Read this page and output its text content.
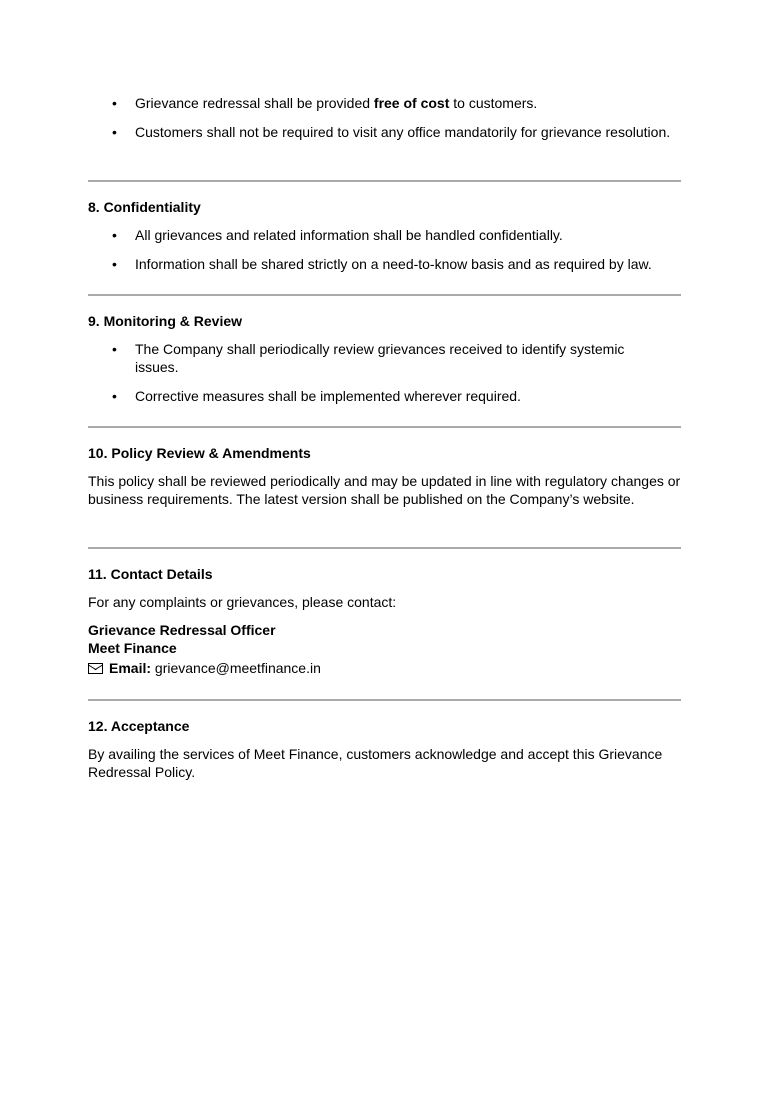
• Grievance redressal shall be provided free of cost to customers.
• Customers shall not be required to visit any office mandatorily for grievance resolution.
8. Confidentiality
• All grievances and related information shall be handled confidentially.
• Information shall be shared strictly on a need-to-know basis and as required by law.
9. Monitoring & Review
• The Company shall periodically review grievances received to identify systemic issues.
• Corrective measures shall be implemented wherever required.
10. Policy Review & Amendments

This policy shall be reviewed periodically and may be updated in line with regulatory changes or business requirements. The latest version shall be published on the Company’s website.

11. Contact Details

For any complaints or grievances, please contact:

Grievance Redressal Officer

Meet Finance

Email: grievance@meetfinance.in

12. Acceptance

By availing the services of Meet Finance, customers acknowledge and accept this Grievance Redressal Policy.
